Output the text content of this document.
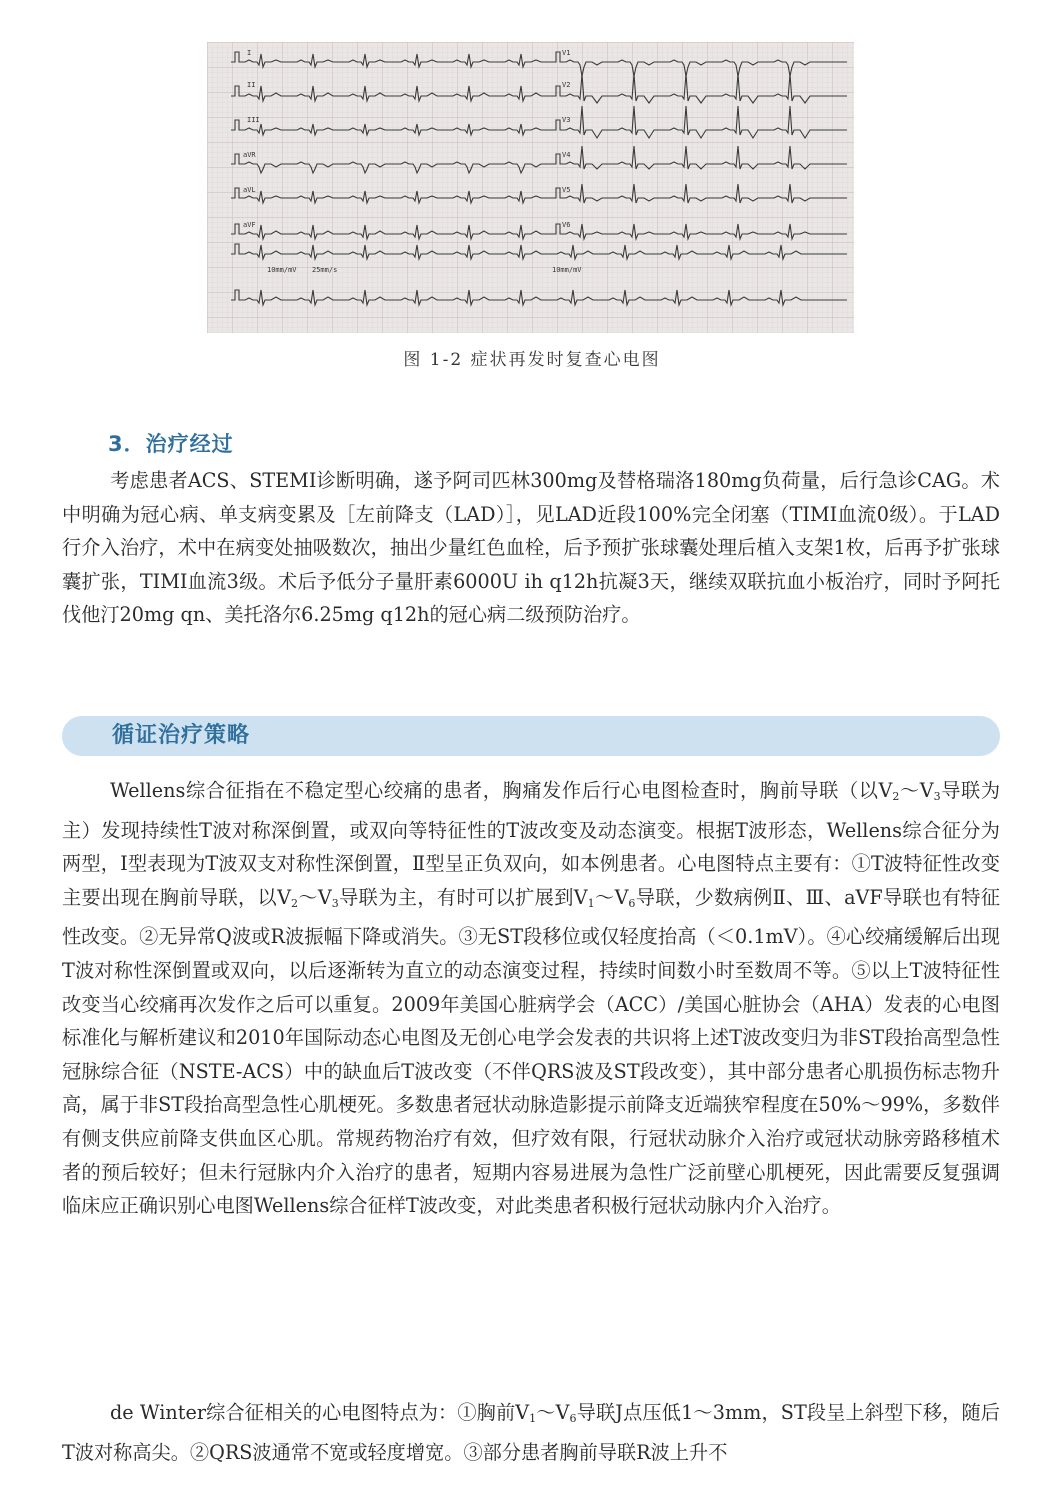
I
II
III
aVR
aVL
aVF
V1
V2
V3
V4
V5
V6
10mm/mV 25mm/s	10mm/mV
图 1-2 症状再发时复查心电图
3．治疗经过
考虑患者ACS、STEMI诊断明确，遂予阿司匹林300mg及替格瑞洛180mg负荷量，后行急诊CAG。术中明确为冠心病、单支病变累及［左前降支（LAD）］，见LAD近段100%完全闭塞（TIMI血流0级）。于LAD行介入治疗，术中在病变处抽吸数次，抽出少量红色血栓，后予预扩张球囊处理后植入支架1枚，后再予扩张球囊扩张，TIMI血流3级。术后予低分子量肝素6000U ih q12h抗凝3天，继续双联抗血小板治疗，同时予阿托伐他汀20mg qn、美托洛尔6.25mg q12h的冠心病二级预防治疗。
循证治疗策略
Wellens综合征指在不稳定型心绞痛的患者，胸痛发作后行心电图检查时，胸前导联（以$V_2\sim V_3$导联为主）发现持续性T波对称深倒置，或双向等特征性的T波改变及动态演变。根据T波形态，Wellens综合征分为两型，Ⅰ型表现为T波双支对称性深倒置，Ⅱ型呈正负双向，如本例患者。心电图特点主要有：①T波特征性改变主要出现在胸前导联，以$V_2\sim V_3$导联为主，有时可以扩展到$V_1\sim V_6$导联，少数病例Ⅱ、Ⅲ、aVF导联也有特征性改变。②无异常Q波或R波振幅下降或消失。③无ST段移位或仅轻度抬高（＜0.1mV）。④心绞痛缓解后出现T波对称性深倒置或双向，以后逐渐转为直立的动态演变过程，持续时间数小时至数周不等。⑤以上T波特征性改变当心绞痛再次发作之后可以重复。2009年美国心脏病学会（ACC）/美国心脏协会（AHA）发表的心电图标准化与解析建议和2010年国际动态心电图及无创心电学会发表的共识将上述T波改变归为非ST段抬高型急性冠脉综合征（NSTE-ACS）中的缺血后T波改变（不伴QRS波及ST段改变），其中部分患者心肌损伤标志物升高，属于非ST段抬高型急性心肌梗死。多数患者冠状动脉造影提示前降支近端狭窄程度在50%～99%，多数伴有侧支供应前降支供血区心肌。常规药物治疗有效，但疗效有限，行冠状动脉介入治疗或冠状动脉旁路移植术者的预后较好；但未行冠脉内介入治疗的患者，短期内容易进展为急性广泛前壁心肌梗死，因此需要反复强调临床应正确识别心电图Wellens综合征样T波改变，对此类患者积极行冠状动脉内介入治疗。
de Winter综合征相关的心电图特点为：①胸前$V_1\sim V_6$导联J点压低1～3mm，ST段呈上斜型下移，随后T波对称高尖。②QRS波通常不宽或轻度增宽。③部分患者胸前导联R波上升不
